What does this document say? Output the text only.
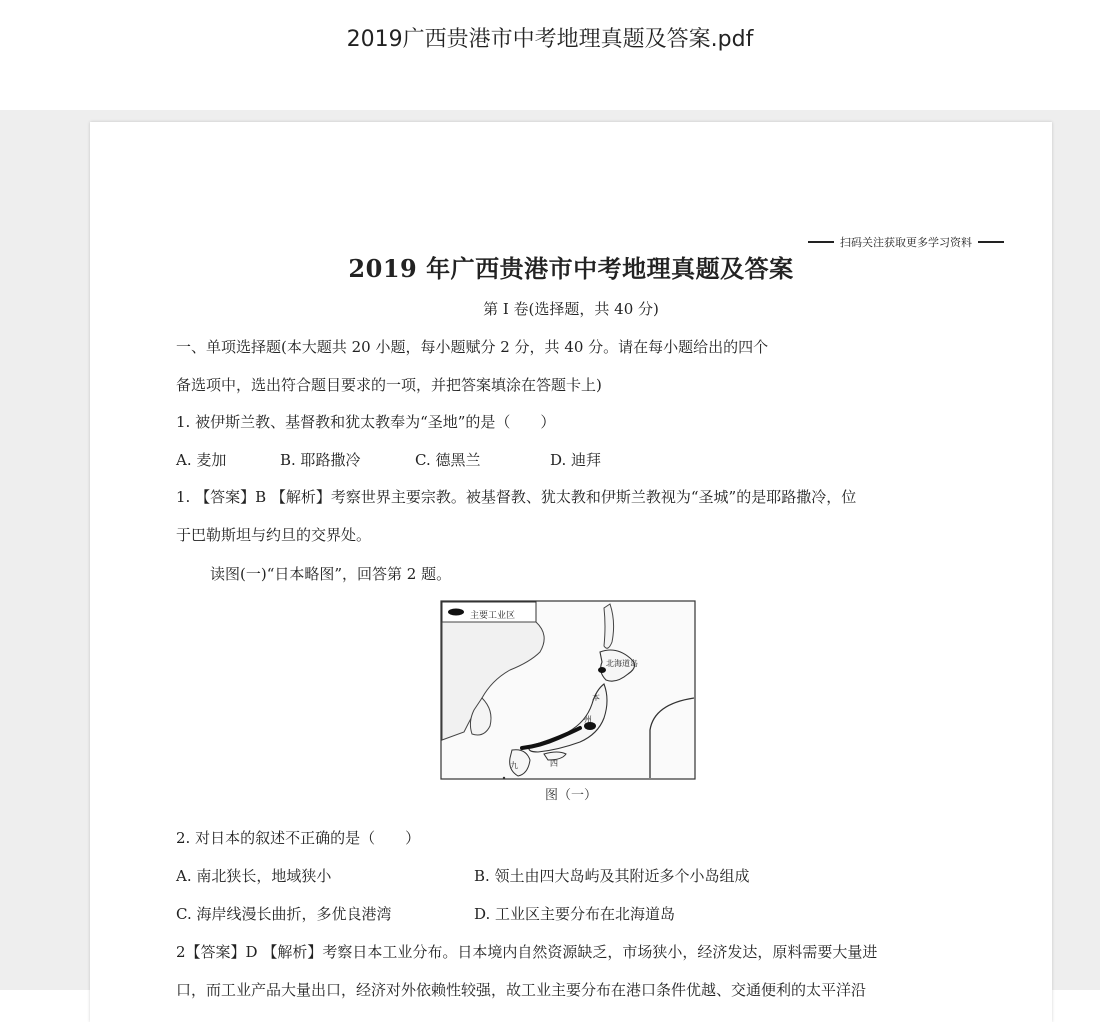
2019广西贵港市中考地理真题及答案.pdf
扫码关注获取更多学习资料
2019 年广西贵港市中考地理真题及答案
第 I 卷(选择题，共 40 分)
一、单项选择题(本大题共 20 小题，每小题赋分 2 分，共 40 分。请在每小题给出的四个
备选项中，选出符合题目要求的一项，并把答案填涂在答题卡上)
1. 被伊斯兰教、基督教和犹太教奉为“圣地”的是（　　）
A. 麦加	B. 耶路撒冷	C. 德黑兰	D. 迪拜
1. 【答案】B 【解析】考察世界主要宗教。被基督教、犹太教和伊斯兰教视为“圣城”的是耶路撒冷，位
于巴勒斯坦与约旦的交界处。
读图(一)“日本略图”，回答第 2 题。
主要工业区
北海道岛
本
州
九	四
图（一）
2. 对日本的叙述不正确的是（　　）
A. 南北狭长，地域狭小	B. 领土由四大岛屿及其附近多个小岛组成
C. 海岸线漫长曲折，多优良港湾	D. 工业区主要分布在北海道岛
2【答案】D 【解析】考察日本工业分布。日本境内自然资源缺乏，市场狭小，经济发达，原料需要大量进
口，而工业产品大量出口，经济对外依赖性较强，故工业主要分布在港口条件优越、交通便利的太平洋沿
